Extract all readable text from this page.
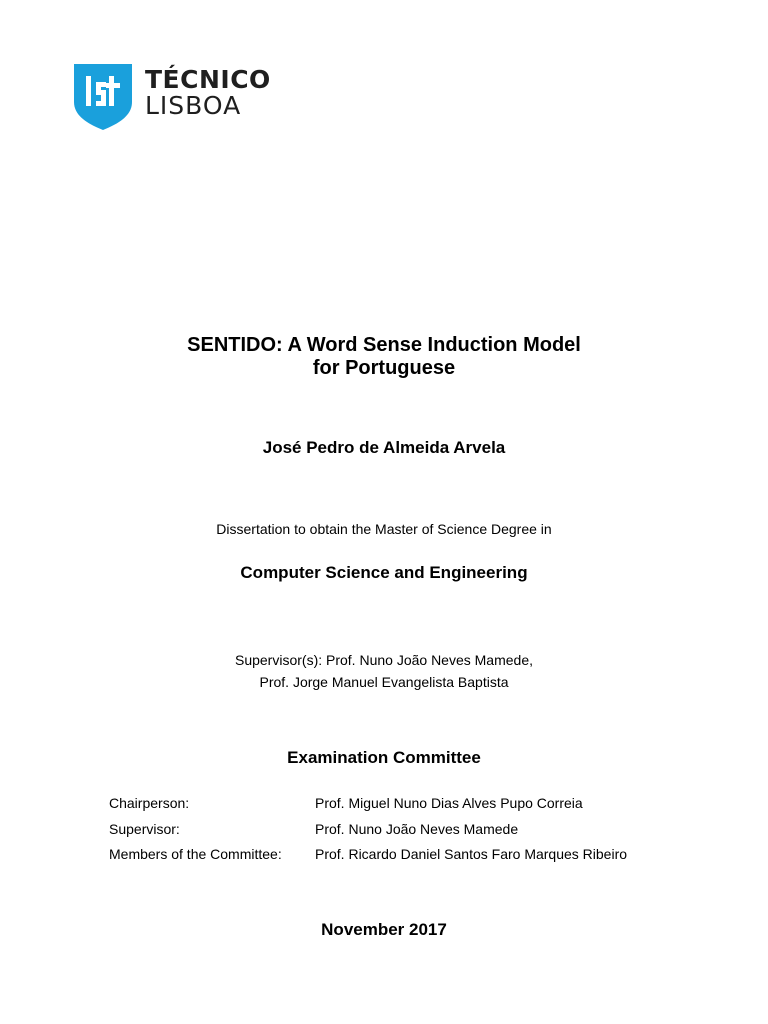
TÉCNICO
LISBOA
SENTIDO: A Word Sense Induction Model
for Portuguese
José Pedro de Almeida Arvela
Dissertation to obtain the Master of Science Degree in
Computer Science and Engineering
Supervisor(s): Prof. Nuno João Neves Mamede,
Prof. Jorge Manuel Evangelista Baptista
Examination Committee
Chairperson:	Prof. Miguel Nuno Dias Alves Pupo Correia
Supervisor:	Prof. Nuno João Neves Mamede
Members of the Committee:	Prof. Ricardo Daniel Santos Faro Marques Ribeiro
November 2017
